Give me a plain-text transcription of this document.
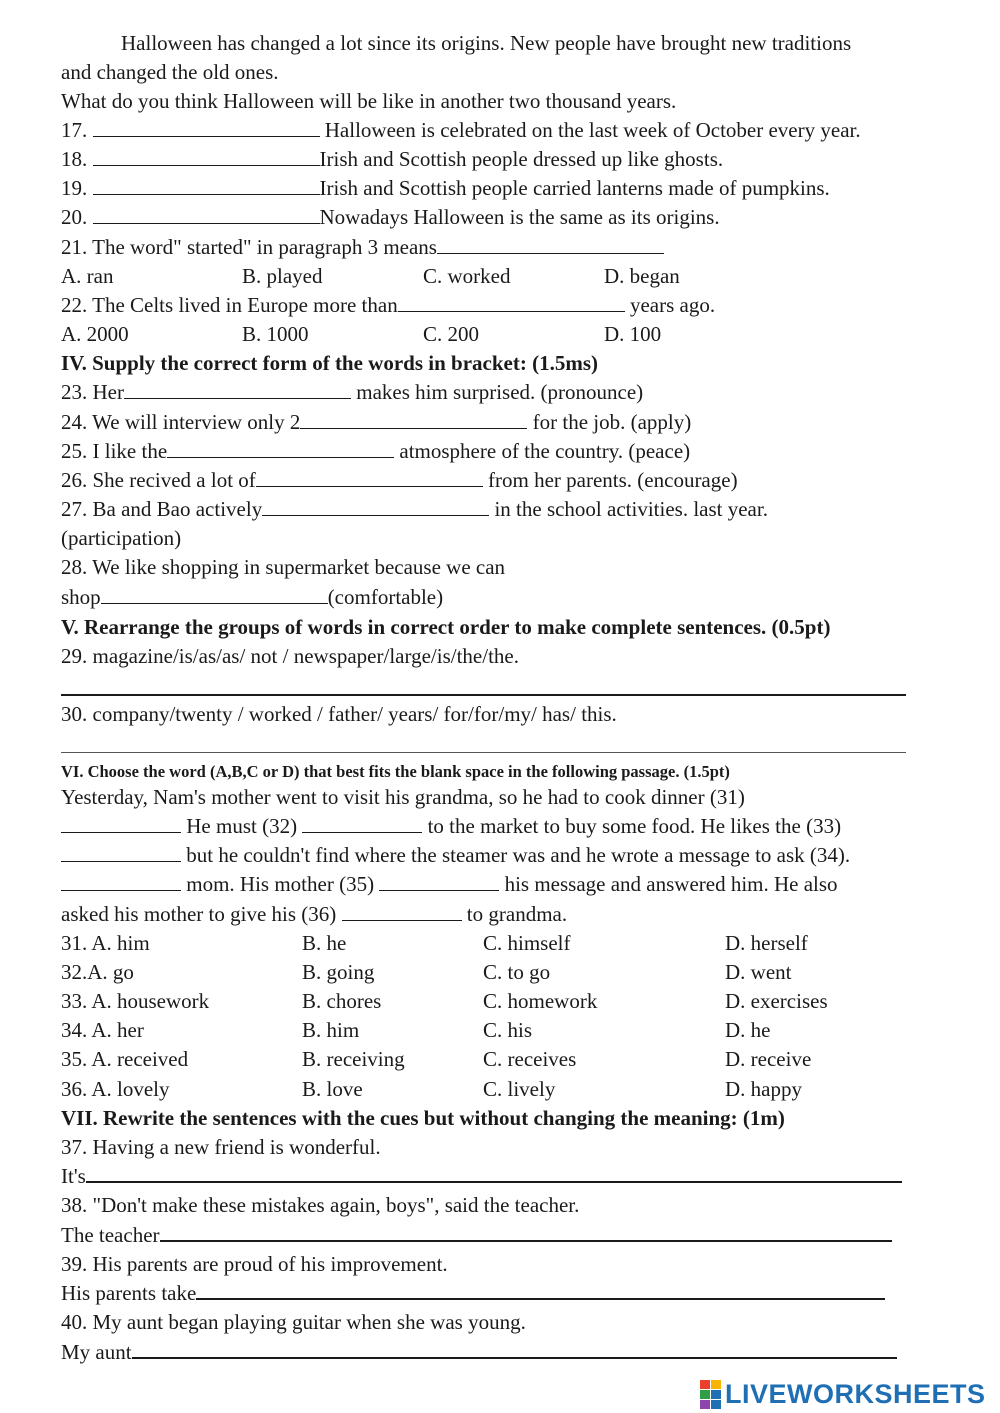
Halloween has changed a lot since its origins. New people have brought new traditions
and changed the old ones.
What do you think Halloween will be like in another two thousand years.
17.	Halloween is celebrated on the last week of October every year.
18.	Irish and Scottish people dressed up like ghosts.
19.	Irish and Scottish people carried lanterns made of pumpkins.
20.	Nowadays Halloween is the same as its origins.
21. The word" started" in paragraph 3 means
A. ran	B. played	C. worked	D. began
22. The Celts lived in Europe more than	years ago.
A. 2000	B. 1000	C. 200	D. 100
IV. Supply the correct form of the words in bracket: (1.5ms)
23. Her	makes him surprised. (pronounce)
24. We will interview only 2	for the job. (apply)
25. I like the	atmosphere of the country. (peace)
26. She recived a lot of	from her parents. (encourage)
27. Ba and Bao actively	in the school activities. last year.
(participation)
28. We like shopping in supermarket because we can
shop	(comfortable)
V. Rearrange the groups of words in correct order to make complete sentences. (0.5pt)
29. magazine/is/as/as/ not / newspaper/large/is/the/the.
30. company/twenty / worked / father/ years/ for/for/my/ has/ this.
VI. Choose the word (A,B,C or D) that best fits the blank space in the following passage. (1.5pt)
Yesterday, Nam's mother went to visit his grandma, so he had to cook dinner (31)
He must (32)	to the market to buy some food. He likes the (33)
but he couldn't find where the steamer was and he wrote a message to ask (34).
mom. His mother (35)	his message and answered him. He also
asked his mother to give his (36)	to grandma.
31. A. him	B. he	C. himself	D. herself
32.A. go	B. going	C. to go	D. went
33. A. housework	B. chores	C. homework	D. exercises
34. A. her	B. him	C. his	D. he
35. A. received	B. receiving	C. receives	D. receive
36. A. lovely	B. love	C. lively	D. happy
VII. Rewrite the sentences with the cues but without changing the meaning: (1m)
37. Having a new friend is wonderful.
It's
38. "Don't make these mistakes again, boys", said the teacher.
The teacher
39. His parents are proud of his improvement.
His parents take
40. My aunt began playing guitar when she was young.
My aunt
LIVEWORKSHEETS
